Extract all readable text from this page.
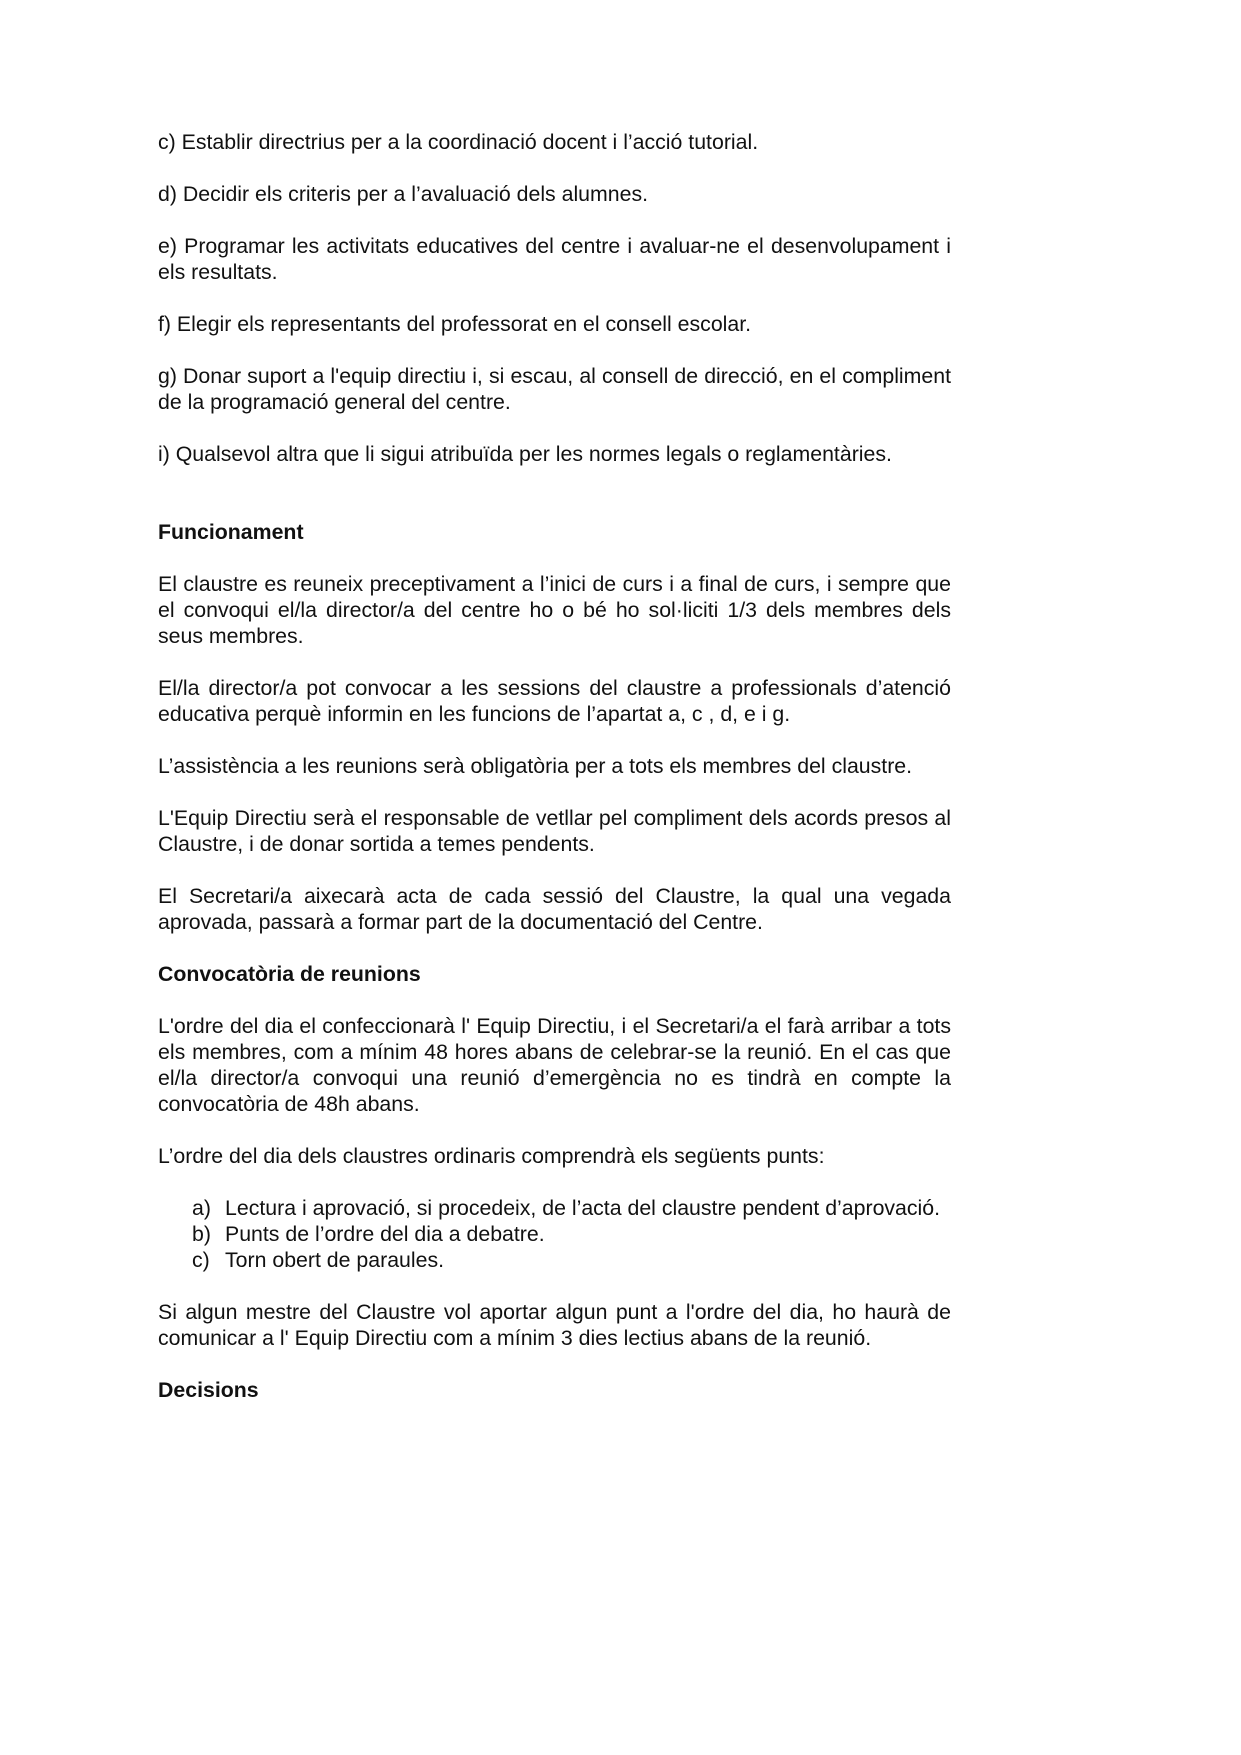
c) Establir directrius per a la coordinació docent i l’acció tutorial.

d) Decidir els criteris per a l’avaluació dels alumnes.

e) Programar les activitats educatives del centre i avaluar-ne el desenvolupament i els resultats.

f) Elegir els representants del professorat en el consell escolar.

g) Donar suport a l'equip directiu i, si escau, al consell de direcció, en el compliment de la programació general del centre.

i) Qualsevol altra que li sigui atribuïda per les normes legals o reglamentàries.

Funcionament

El claustre es reuneix preceptivament a l’inici de curs i a final de curs, i sempre que el convoqui el/la director/a del centre ho o bé ho sol·liciti 1/3 dels membres dels seus membres.

El/la director/a pot convocar a les sessions del claustre a professionals d’atenció educativa perquè informin en les funcions de l’apartat a, c , d, e i g.

L’assistència a les reunions serà obligatòria per a tots els membres del claustre.

L'Equip Directiu serà el responsable de vetllar pel compliment dels acords presos al Claustre, i de donar sortida a temes pendents.

El Secretari/a aixecarà acta de cada sessió del Claustre, la qual una vegada aprovada, passarà a formar part de la documentació del Centre.

Convocatòria de reunions

L'ordre del dia el confeccionarà l' Equip Directiu, i el Secretari/a el farà arribar a tots els membres, com a mínim 48 hores abans de celebrar-se la reunió. En el cas que el/la director/a convoqui una reunió d’emergència no es tindrà en compte la convocatòria de 48h abans.

L’ordre del dia dels claustres ordinaris comprendrà els següents punts:

a) Lectura i aprovació, si procedeix, de l’acta del claustre pendent d’aprovació.
b) Punts de l’ordre del dia a debatre.
c) Torn obert de paraules.

Si algun mestre del Claustre vol aportar algun punt a l'ordre del dia, ho haurà de comunicar a l' Equip Directiu com a mínim 3 dies lectius abans de la reunió.

Decisions
